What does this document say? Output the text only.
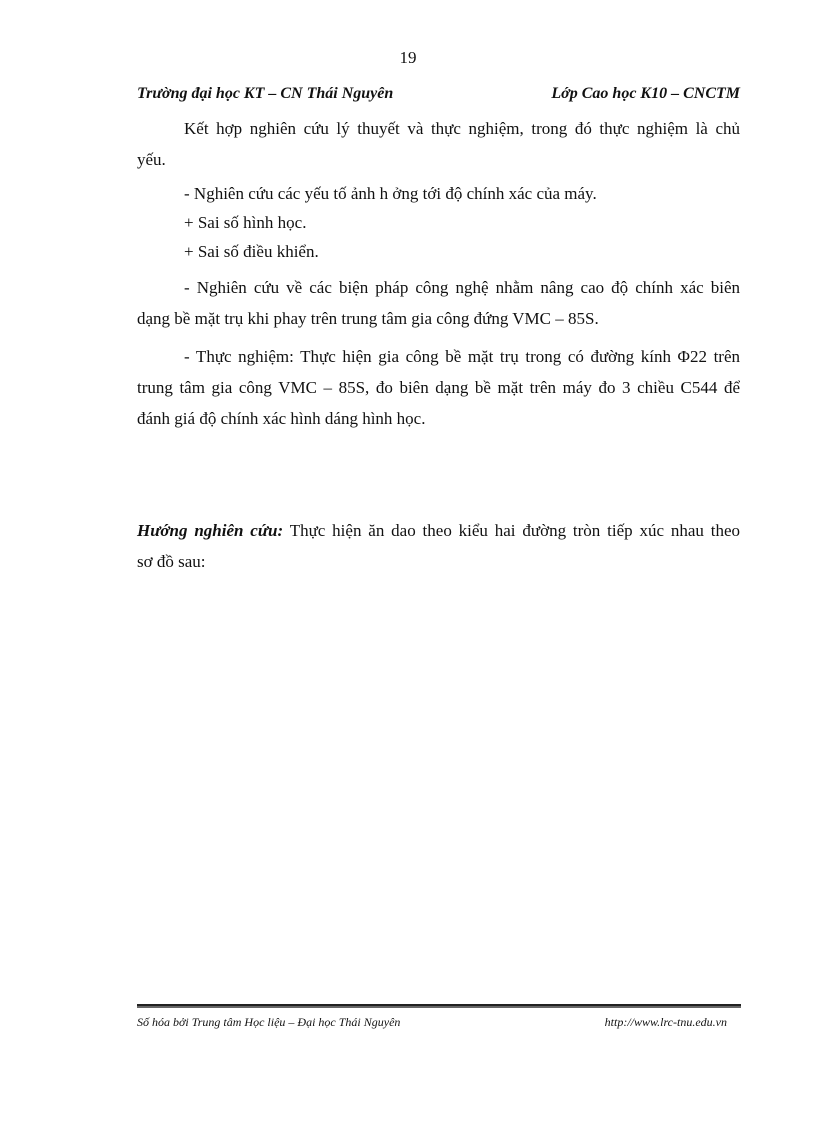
19
Trường đại học KT – CN Thái Nguyên	Lớp Cao học K10 – CNCTM
Kết hợp nghiên cứu lý thuyết và thực nghiệm, trong đó thực nghiệm là chủ
yếu.
- Nghiên cứu các yếu tố ảnh h ởng tới độ chính xác của máy.
+ Sai số hình học.
+ Sai số điều khiển.
- Nghiên cứu về các biện pháp công nghệ nhằm nâng cao độ chính xác biên
dạng bề mặt trụ khi phay trên trung tâm gia công đứng VMC – 85S.
- Thực nghiệm: Thực hiện gia công bề mặt trụ trong có đường kính Φ22 trên
trung tâm gia công VMC – 85S, đo biên dạng bề mặt trên máy đo 3 chiều C544 để
đánh giá độ chính xác hình dáng hình học.
Hướng nghiên cứu: Thực hiện ăn dao theo kiểu hai đường tròn tiếp xúc nhau theo
sơ đồ sau:
Số hóa bởi Trung tâm Học liệu – Đại học Thái Nguyên	http://www.lrc-tnu.edu.vn
